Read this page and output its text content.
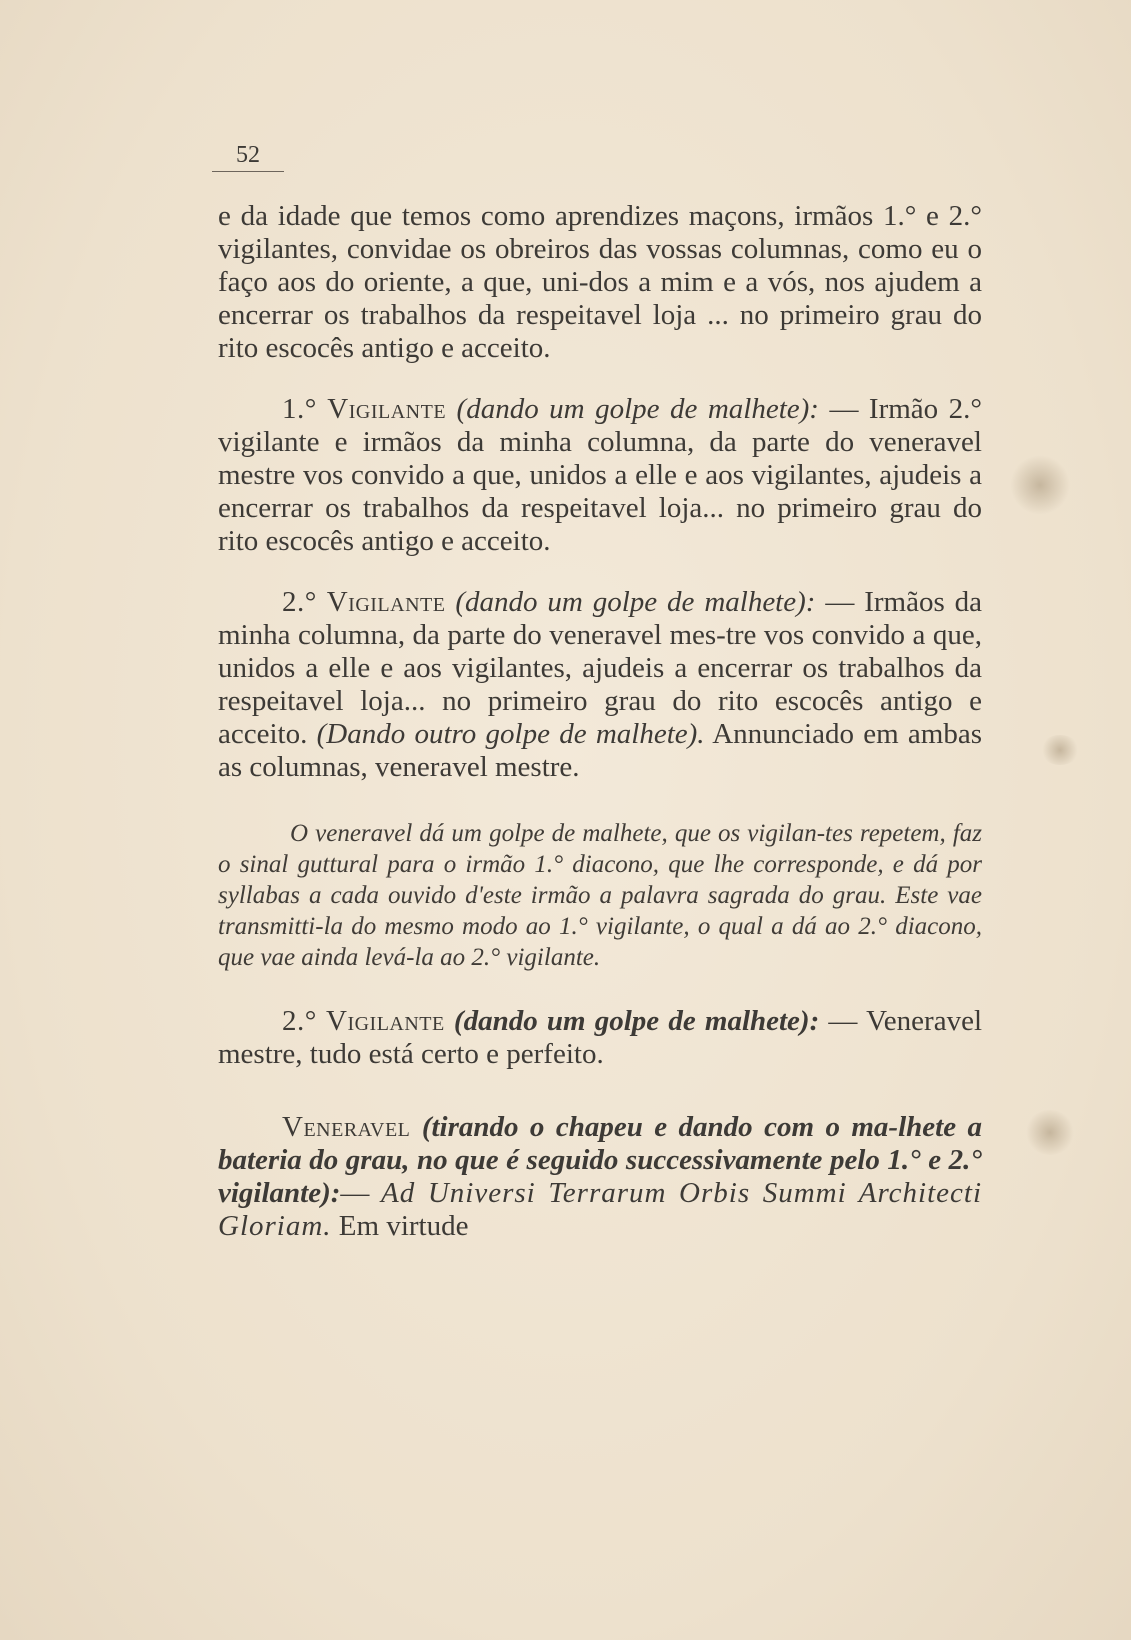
52

e da idade que temos como aprendizes maçons, irmãos 1.° e 2.° vigilantes, convidae os obreiros das vossas columnas, como eu o faço aos do oriente, a que, uni-dos a mim e a vós, nos ajudem a encerrar os trabalhos da respeitavel loja ... no primeiro grau do rito escocês antigo e acceito.

1.° Vigilante (dando um golpe de malhete): — Irmão 2.° vigilante e irmãos da minha columna, da parte do veneravel mestre vos convido a que, unidos a elle e aos vigilantes, ajudeis a encerrar os trabalhos da respeitavel loja... no primeiro grau do rito escocês antigo e acceito.

2.° Vigilante (dando um golpe de malhete): — Irmãos da minha columna, da parte do veneravel mes-tre vos convido a que, unidos a elle e aos vigilantes, ajudeis a encerrar os trabalhos da respeitavel loja... no primeiro grau do rito escocês antigo e acceito. (Dando outro golpe de malhete). Annunciado em ambas as columnas, veneravel mestre.

O veneravel dá um golpe de malhete, que os vigilan-tes repetem, faz o sinal guttural para o irmão 1.° diacono, que lhe corresponde, e dá por syllabas a cada ouvido d'este irmão a palavra sagrada do grau. Este vae transmitti-la do mesmo modo ao 1.° vigilante, o qual a dá ao 2.° diacono, que vae ainda levá-la ao 2.° vigilante.

2.° Vigilante (dando um golpe de malhete): — Veneravel mestre, tudo está certo e perfeito.

Veneravel (tirando o chapeu e dando com o ma-lhete a bateria do grau, no que é seguido successivamente pelo 1.° e 2.° vigilante):— Ad Universi Terrarum Orbis Summi Architecti Gloriam. Em virtude
